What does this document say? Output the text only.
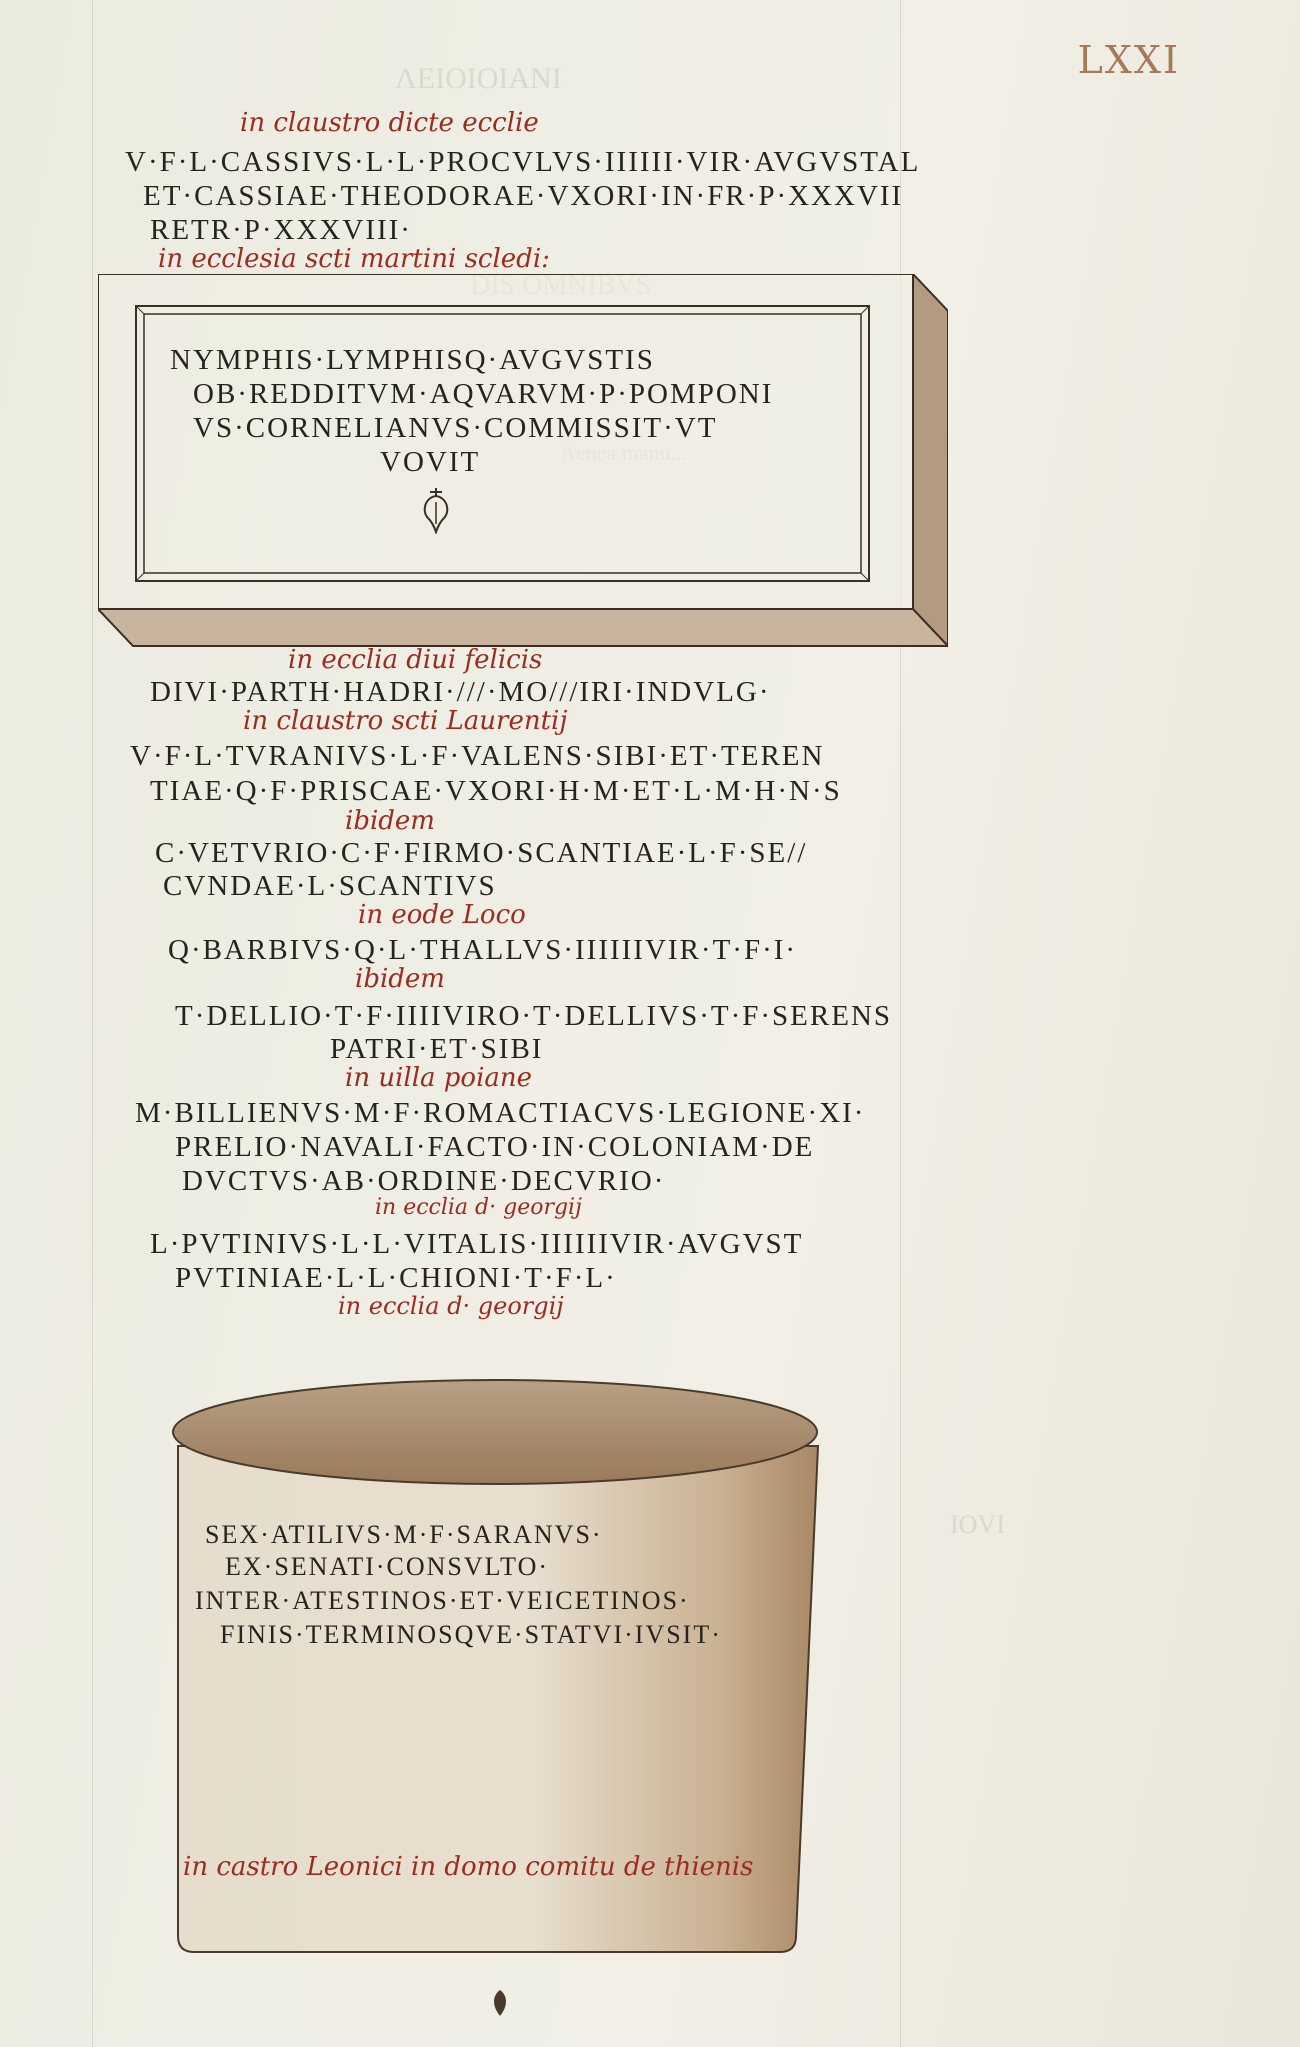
ΛΕΙΟΙΟΙΑΝΙ
IOVI
LXXI
in claustro dicte ecclie
V·F·L·CASSIVS·L·L·PROCVLVS·IIIIII·VIR·AVGVSTAL
ET·CASSIAE·THEODORAE·VXORI·IN·FR·P·XXXVII
RETR·P·XXXVIII·
in ecclesia scti martini scledi:
NYMPHIS·LYMPHISQ·AVGVSTIS
OB·REDDITVM·AQVARVM·P·POMPONI
VS·CORNELIANVS·COMMISSIT·VT
VOVIT
in ecclia diui felicis
DIVI·PARTH·HADRI·///·MO///IRI·INDVLG·
in claustro scti Laurentij
V·F·L·TVRANIVS·L·F·VALENS·SIBI·ET·TEREN
TIAE·Q·F·PRISCAE·VXORI·H·M·ET·L·M·H·N·S
ibidem
C·VETVRIO·C·F·FIRMO·SCANTIAE·L·F·SE//
CVNDAE·L·SCANTIVS
in eode Loco
Q·BARBIVS·Q·L·THALLVS·IIIIIIVIR·T·F·I·
ibidem
T·DELLIO·T·F·IIIIVIRO·T·DELLIVS·T·F·SERENS
PATRI·ET·SIBI
in uilla poiane
M·BILLIENVS·M·F·ROMACTIACVS·LEGIONE·XI·
PRELIO·NAVALI·FACTO·IN·COLONIAM·DE
DVCTVS·AB·ORDINE·DECVRIO·
in ecclia d· georgij
L·PVTINIVS·L·L·VITALIS·IIIIIIVIR·AVGVST
PVTINIAE·L·L·CHIONI·T·F·L·
in ecclia d· georgij
SEX·ATILIVS·M·F·SARANVS·
EX·SENATI·CONSVLTO·
INTER·ATESTINOS·ET·VEICETINOS·
FINIS·TERMINOSQVE·STATVI·IVSIT·
in castro Leonici in domo comitu de thienis
